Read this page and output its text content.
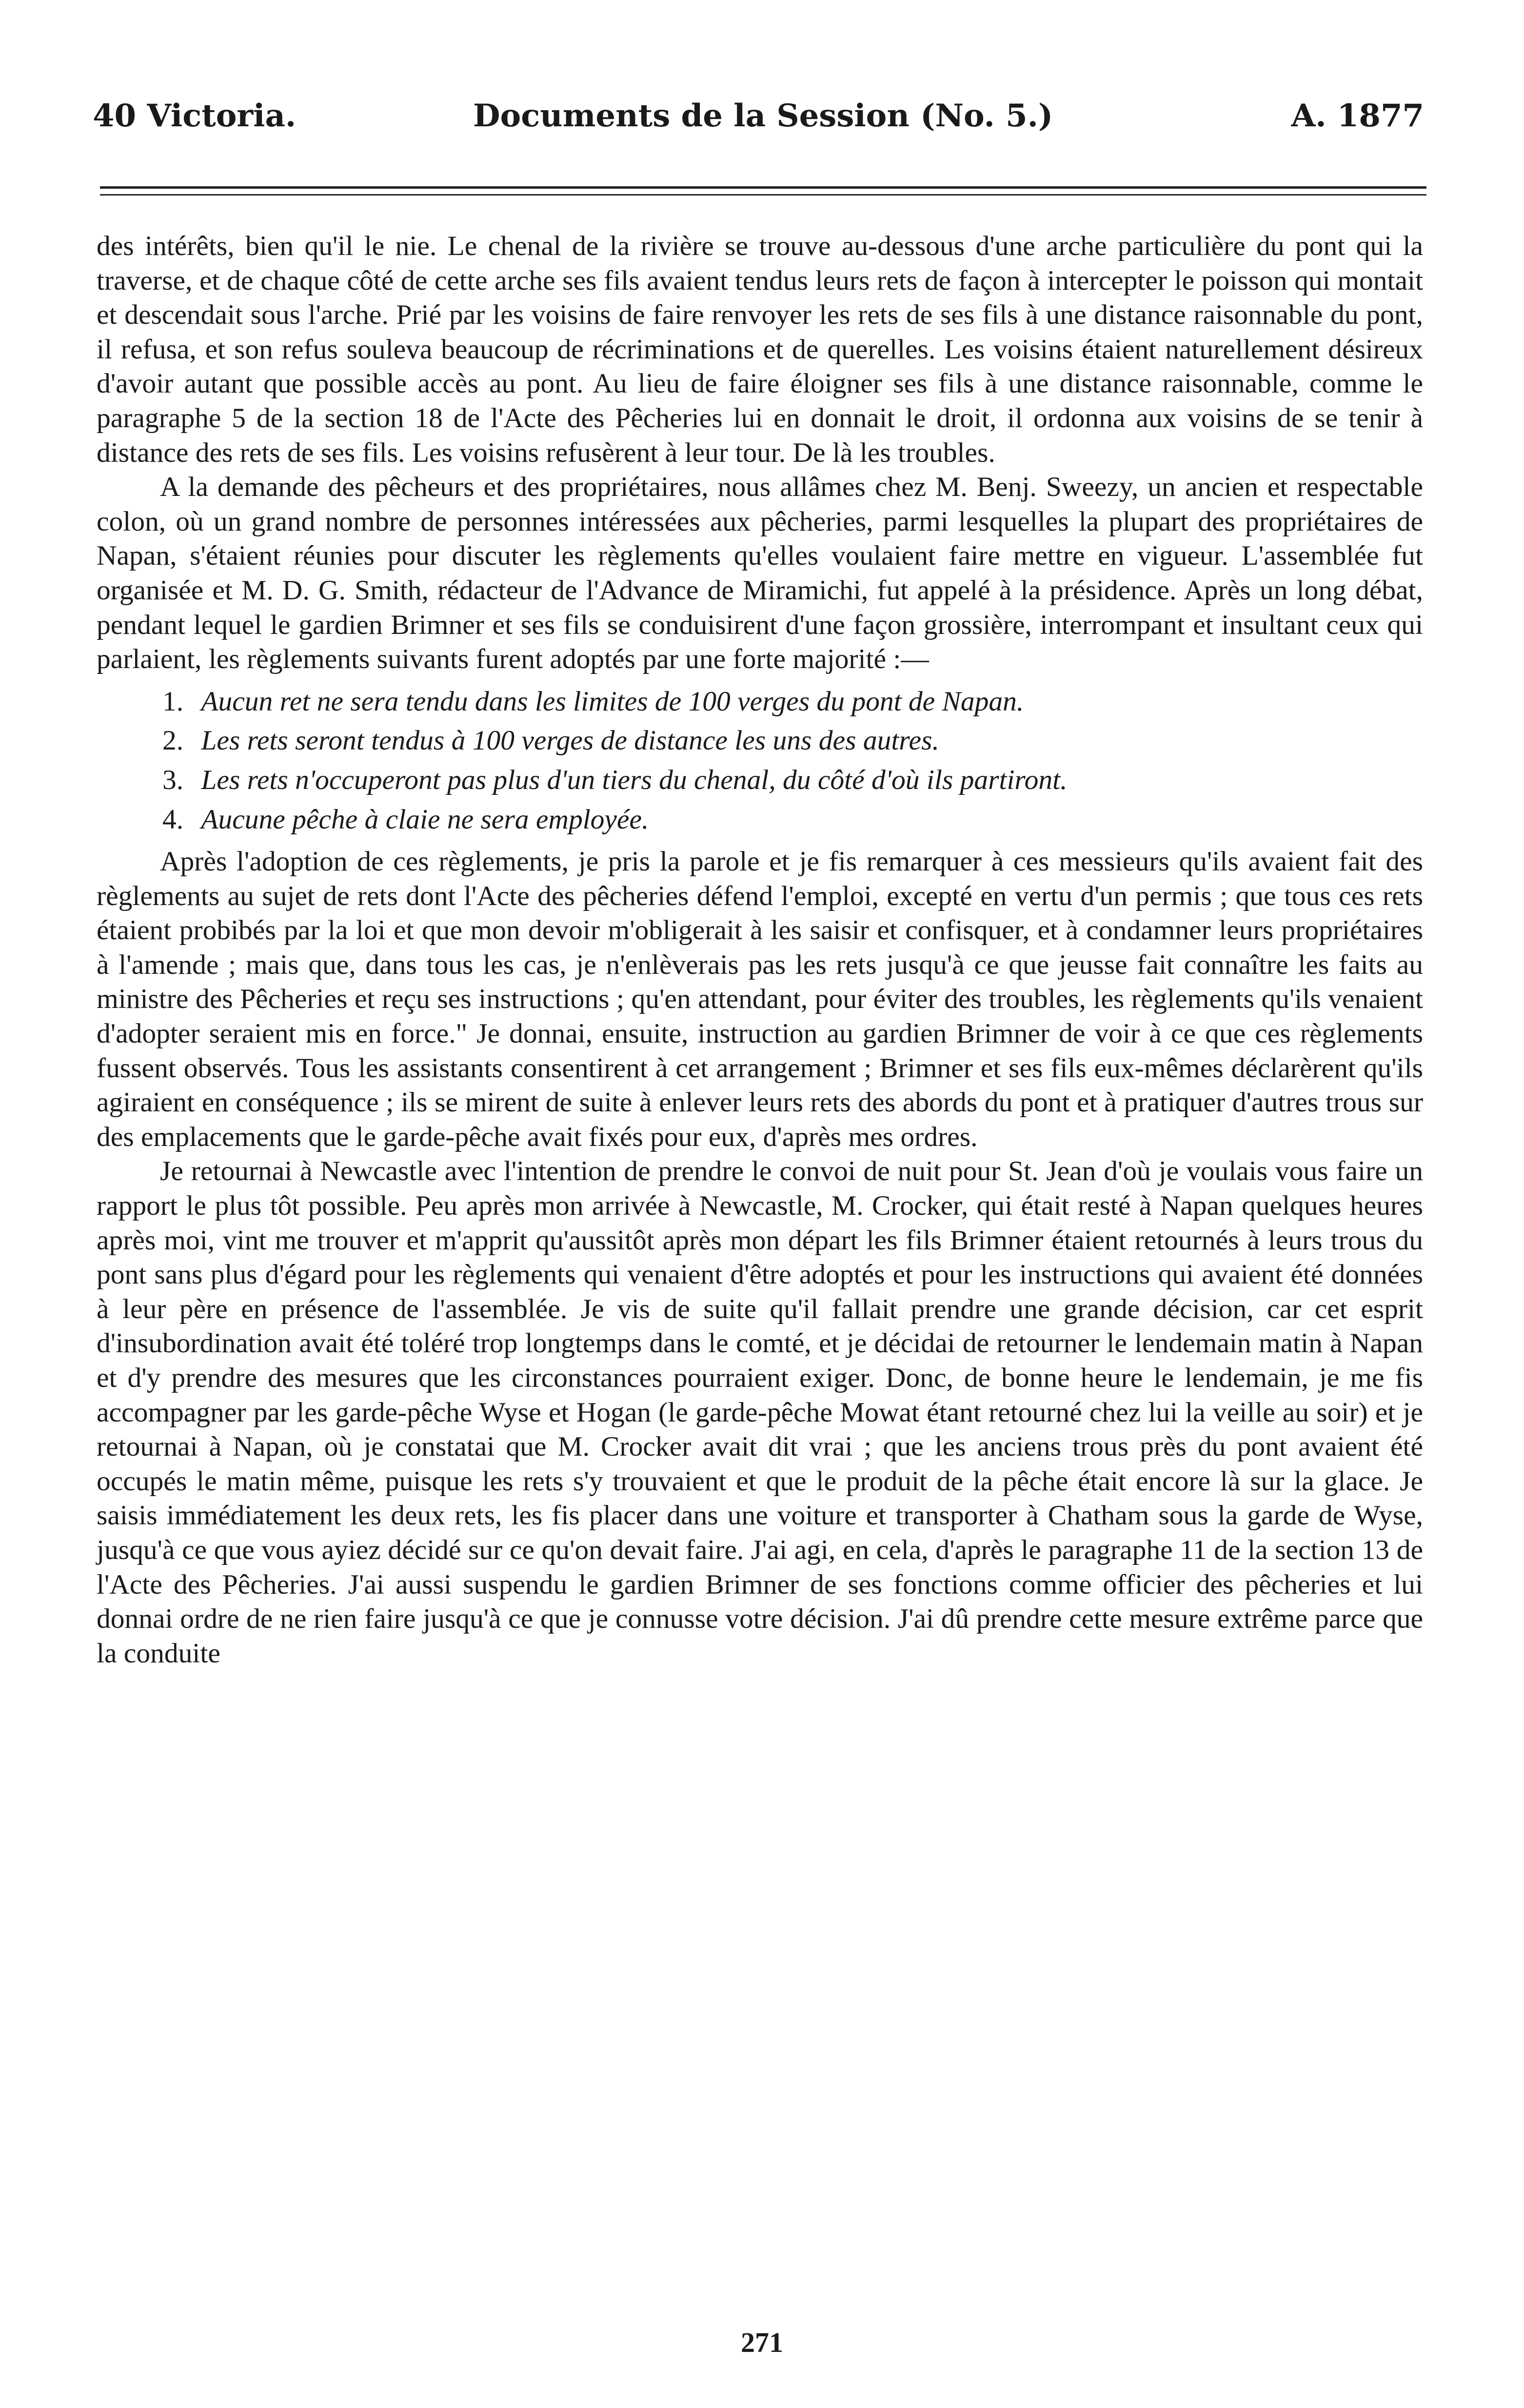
40 Victoria.	Documents de la Session (No. 5.)	A. 1877

des intérêts, bien qu'il le nie. Le chenal de la rivière se trouve au-dessous d'une arche particulière du pont qui la traverse, et de chaque côté de cette arche ses fils avaient tendus leurs rets de façon à intercepter le poisson qui montait et descendait sous l'arche. Prié par les voisins de faire renvoyer les rets de ses fils à une distance raisonnable du pont, il refusa, et son refus souleva beaucoup de récriminations et de querelles. Les voisins étaient naturellement désireux d'avoir autant que possible accès au pont. Au lieu de faire éloigner ses fils à une distance raisonnable, comme le paragraphe 5 de la section 18 de l'Acte des Pêcheries lui en donnait le droit, il ordonna aux voisins de se tenir à distance des rets de ses fils. Les voisins refusèrent à leur tour. De là les troubles.

A la demande des pêcheurs et des propriétaires, nous allâmes chez M. Benj. Sweezy, un ancien et respectable colon, où un grand nombre de personnes intéressées aux pêcheries, parmi lesquelles la plupart des propriétaires de Napan, s'étaient réunies pour discuter les règlements qu'elles voulaient faire mettre en vigueur. L'assemblée fut organisée et M. D. G. Smith, rédacteur de l'Advance de Miramichi, fut appelé à la présidence. Après un long débat, pendant lequel le gardien Brimner et ses fils se conduisirent d'une façon grossière, interrompant et insultant ceux qui parlaient, les règlements suivants furent adoptés par une forte majorité :—

1. Aucun ret ne sera tendu dans les limites de 100 verges du pont de Napan.
2. Les rets seront tendus à 100 verges de distance les uns des autres.
3. Les rets n'occuperont pas plus d'un tiers du chenal, du côté d'où ils partiront.
4. Aucune pêche à claie ne sera employée.

Après l'adoption de ces règlements, je pris la parole et je fis remarquer à ces messieurs qu'ils avaient fait des règlements au sujet de rets dont l'Acte des pêcheries défend l'emploi, excepté en vertu d'un permis ; que tous ces rets étaient probibés par la loi et que mon devoir m'obligerait à les saisir et confisquer, et à condamner leurs propriétaires à l'amende ; mais que, dans tous les cas, je n'enlèverais pas les rets jusqu'à ce que jeusse fait connaître les faits au ministre des Pêcheries et reçu ses instructions ; qu'en attendant, pour éviter des troubles, les règlements qu'ils venaient d'adopter seraient mis en force." Je donnai, ensuite, instruction au gardien Brimner de voir à ce que ces règlements fussent observés. Tous les assistants consentirent à cet arrangement ; Brimner et ses fils eux-mêmes déclarèrent qu'ils agiraient en conséquence ; ils se mirent de suite à enlever leurs rets des abords du pont et à pratiquer d'autres trous sur des emplacements que le garde-pêche avait fixés pour eux, d'après mes ordres.

Je retournai à Newcastle avec l'intention de prendre le convoi de nuit pour St. Jean d'où je voulais vous faire un rapport le plus tôt possible. Peu après mon arrivée à Newcastle, M. Crocker, qui était resté à Napan quelques heures après moi, vint me trouver et m'apprit qu'aussitôt après mon départ les fils Brimner étaient retournés à leurs trous du pont sans plus d'égard pour les règlements qui venaient d'être adoptés et pour les instructions qui avaient été données à leur père en présence de l'assemblée. Je vis de suite qu'il fallait prendre une grande décision, car cet esprit d'insubordination avait été toléré trop longtemps dans le comté, et je décidai de retourner le lendemain matin à Napan et d'y prendre des mesures que les circonstances pourraient exiger. Donc, de bonne heure le lendemain, je me fis accompagner par les garde-pêche Wyse et Hogan (le garde-pêche Mowat étant retourné chez lui la veille au soir) et je retournai à Napan, où je constatai que M. Crocker avait dit vrai ; que les anciens trous près du pont avaient été occupés le matin même, puisque les rets s'y trouvaient et que le produit de la pêche était encore là sur la glace. Je saisis immédiatement les deux rets, les fis placer dans une voiture et transporter à Chatham sous la garde de Wyse, jusqu'à ce que vous ayiez décidé sur ce qu'on devait faire. J'ai agi, en cela, d'après le paragraphe 11 de la section 13 de l'Acte des Pêcheries. J'ai aussi suspendu le gardien Brimner de ses fonctions comme officier des pêcheries et lui donnai ordre de ne rien faire jusqu'à ce que je connusse votre décision. J'ai dû prendre cette mesure extrême parce que la conduite

271
